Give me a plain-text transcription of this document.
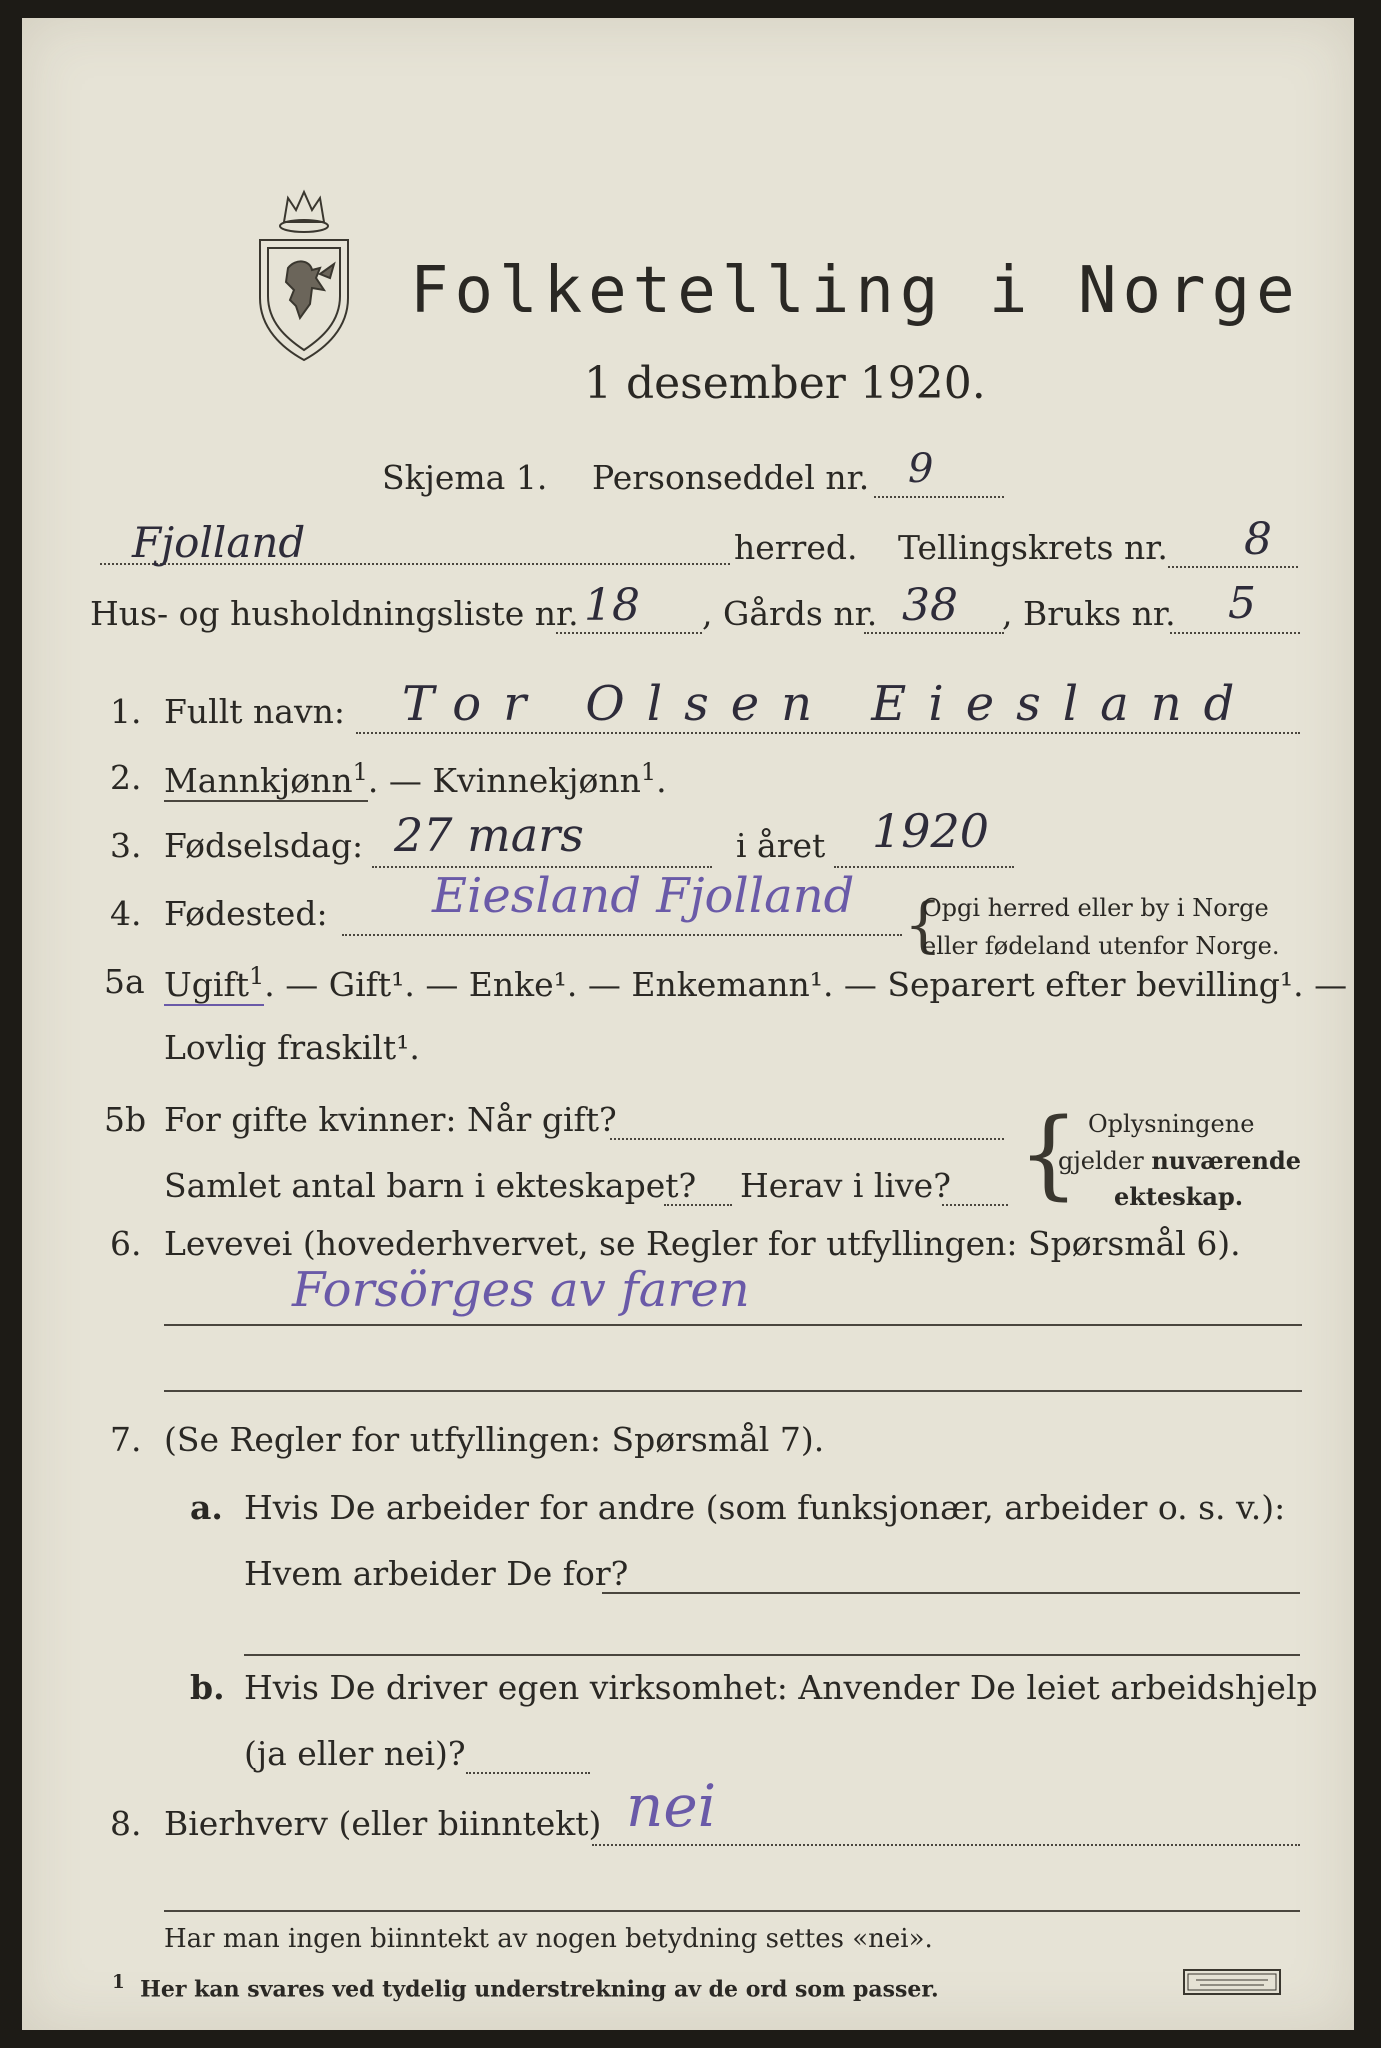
Folketelling i Norge
1 desember 1920.
Skjema 1. Personseddel nr. 9
Fjolland	herred. Tellingskrets nr. 8
Hus- og husholdningsliste nr. 18 , Gårds nr. 38 , Bruks nr. 5
1. Fullt navn: Tor Olsen Eiesland
2. Mannkjønn$^1$. — Kvinnekjønn$^1$.
3. Fødselsdag: 27 mars	i året 1920
4. Fødested: Eiesland Fjolland {
Opgi herred eller by i Norge
eller fødeland utenfor Norge.
5a Ugift$^1$. — Gift¹. — Enke¹. — Enkemann¹. — Separert efter bevilling¹. —
Lovlig fraskilt¹.
5b For gifte kvinner: Når gift?
Samlet antal barn i ekteskapet? Herav i live? { Oplysningene
gjelder nuværende
ekteskap.
6. Levevei (hovederhvervet, se Regler for utfyllingen: Spørsmål 6).
Forsörges av faren
7. (Se Regler for utfyllingen: Spørsmål 7).
a. Hvis De arbeider for andre (som funksjonær, arbeider o. s. v.):
Hvem arbeider De for?
b. Hvis De driver egen virksomhet: Anvender De leiet arbeidshjelp
(ja eller nei)?
8. Bierhverv (eller biinntekt) nei
Har man ingen biinntekt av nogen betydning settes «nei».
$^1$ Her kan svares ved tydelig understrekning av de ord som passer.
